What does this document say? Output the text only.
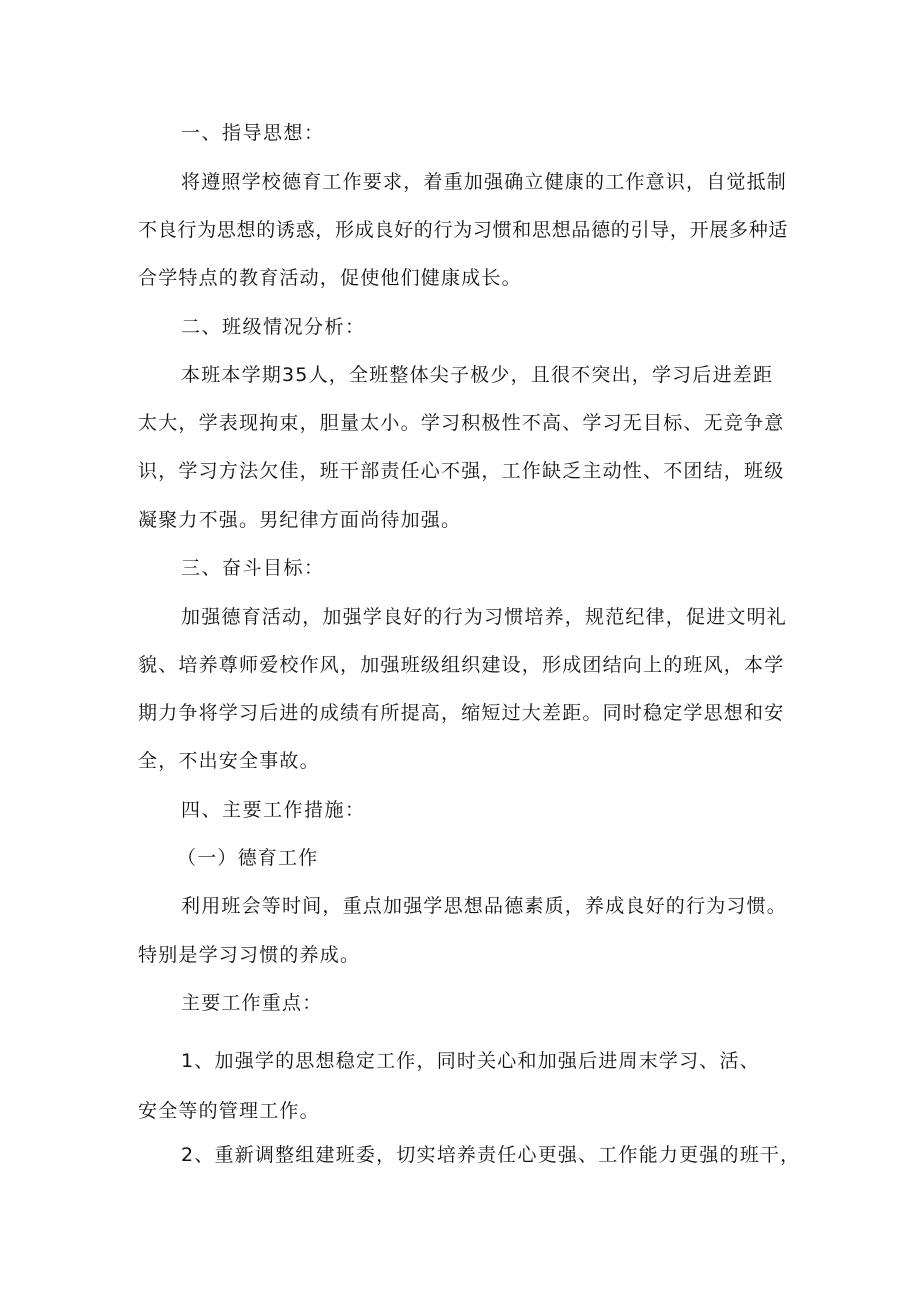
一、指导思想：
将遵照学校德育工作要求，着重加强确立健康的工作意识，自觉抵制
不良行为思想的诱惑，形成良好的行为习惯和思想品德的引导，开展多种适
合学特点的教育活动，促使他们健康成长。
二、班级情况分析：
本班本学期35人，全班整体尖子极少，且很不突出，学习后进差距
太大，学表现拘束，胆量太小。学习积极性不高、学习无目标、无竞争意
识，学习方法欠佳，班干部责任心不强，工作缺乏主动性、不团结，班级
凝聚力不强。男纪律方面尚待加强。
三、奋斗目标：
加强德育活动，加强学良好的行为习惯培养，规范纪律，促进文明礼
貌、培养尊师爱校作风，加强班级组织建设，形成团结向上的班风，本学
期力争将学习后进的成绩有所提高，缩短过大差距。同时稳定学思想和安
全，不出安全事故。
四、主要工作措施：
（一）德育工作
利用班会等时间，重点加强学思想品德素质，养成良好的行为习惯。
特别是学习习惯的养成。
主要工作重点：
1、加强学的思想稳定工作，同时关心和加强后进周末学习、活、
安全等的管理工作。
2、重新调整组建班委，切实培养责任心更强、工作能力更强的班干，
